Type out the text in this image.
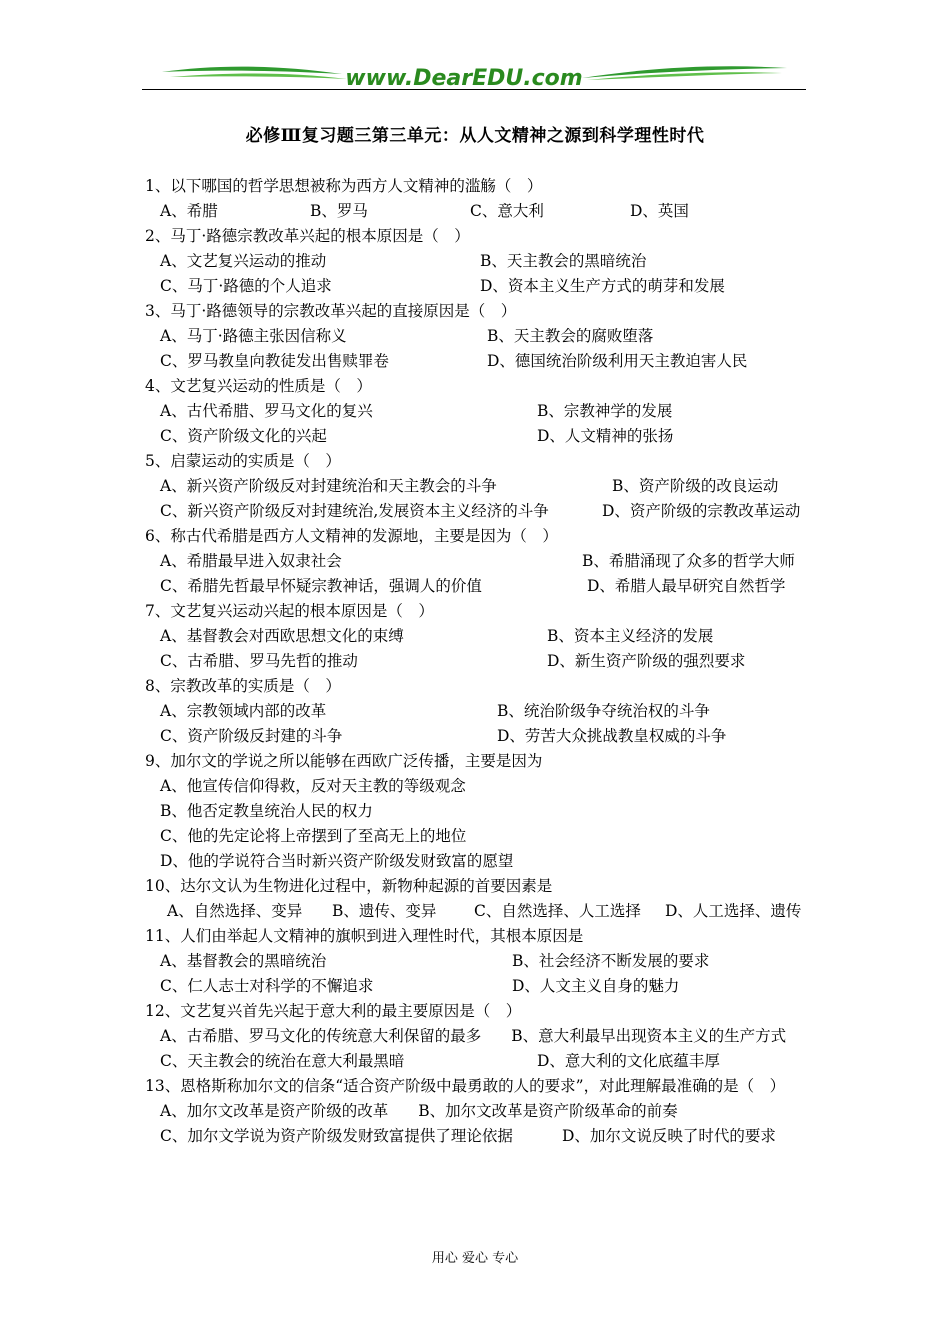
www.DearEDU.com
必修Ⅲ复习题三第三单元：从人文精神之源到科学理性时代
1、以下哪国的哲学思想被称为西方人文精神的滥觞（　）
A、希腊	B、罗马	C、意大利	D、英国
2、马丁·路德宗教改革兴起的根本原因是（　）
A、文艺复兴运动的推动	B、天主教会的黑暗统治
C、马丁·路德的个人追求	D、资本主义生产方式的萌芽和发展
3、马丁·路德领导的宗教改革兴起的直接原因是（　）
A、马丁·路德主张因信称义	B、天主教会的腐败堕落
C、罗马教皇向教徒发出售赎罪卷	D、德国统治阶级利用天主教迫害人民
4、文艺复兴运动的性质是（　）
A、古代希腊、罗马文化的复兴	B、宗教神学的发展
C、资产阶级文化的兴起	D、人文精神的张扬
5、启蒙运动的实质是（　）
A、新兴资产阶级反对封建统治和天主教会的斗争	B、资产阶级的改良运动
C、新兴资产阶级反对封建统治,发展资本主义经济的斗争	D、资产阶级的宗教改革运动
6、称古代希腊是西方人文精神的发源地，主要是因为（　）
A、希腊最早进入奴隶社会	B、希腊涌现了众多的哲学大师
C、希腊先哲最早怀疑宗教神话，强调人的价值	D、希腊人最早研究自然哲学
7、文艺复兴运动兴起的根本原因是（　）
A、基督教会对西欧思想文化的束缚	B、资本主义经济的发展
C、古希腊、罗马先哲的推动	D、新生资产阶级的强烈要求
8、宗教改革的实质是（　）
A、宗教领域内部的改革	B、统治阶级争夺统治权的斗争
C、资产阶级反封建的斗争	D、劳苦大众挑战教皇权威的斗争
9、加尔文的学说之所以能够在西欧广泛传播，主要是因为
A、他宣传信仰得救，反对天主教的等级观念
B、他否定教皇统治人民的权力
C、他的先定论将上帝摆到了至高无上的地位
D、他的学说符合当时新兴资产阶级发财致富的愿望
10、达尔文认为生物进化过程中，新物种起源的首要因素是
A、自然选择、变异	B、遗传、变异	C、自然选择、人工选择	D、人工选择、遗传
11、人们由举起人文精神的旗帜到进入理性时代，其根本原因是
A、基督教会的黑暗统治	B、社会经济不断发展的要求
C、仁人志士对科学的不懈追求	D、人文主义自身的魅力
12、文艺复兴首先兴起于意大利的最主要原因是（　）
A、古希腊、罗马文化的传统意大利保留的最多 B、意大利最早出现资本主义的生产方式
C、天主教会的统治在意大利最黑暗	D、意大利的文化底蕴丰厚
13、恩格斯称加尔文的信条“适合资产阶级中最勇敢的人的要求”，对此理解最准确的是（　）
A、加尔文改革是资产阶级的改革 B、加尔文改革是资产阶级革命的前奏
C、加尔文学说为资产阶级发财致富提供了理论依据	D、加尔文说反映了时代的要求
用心 爱心 专心
